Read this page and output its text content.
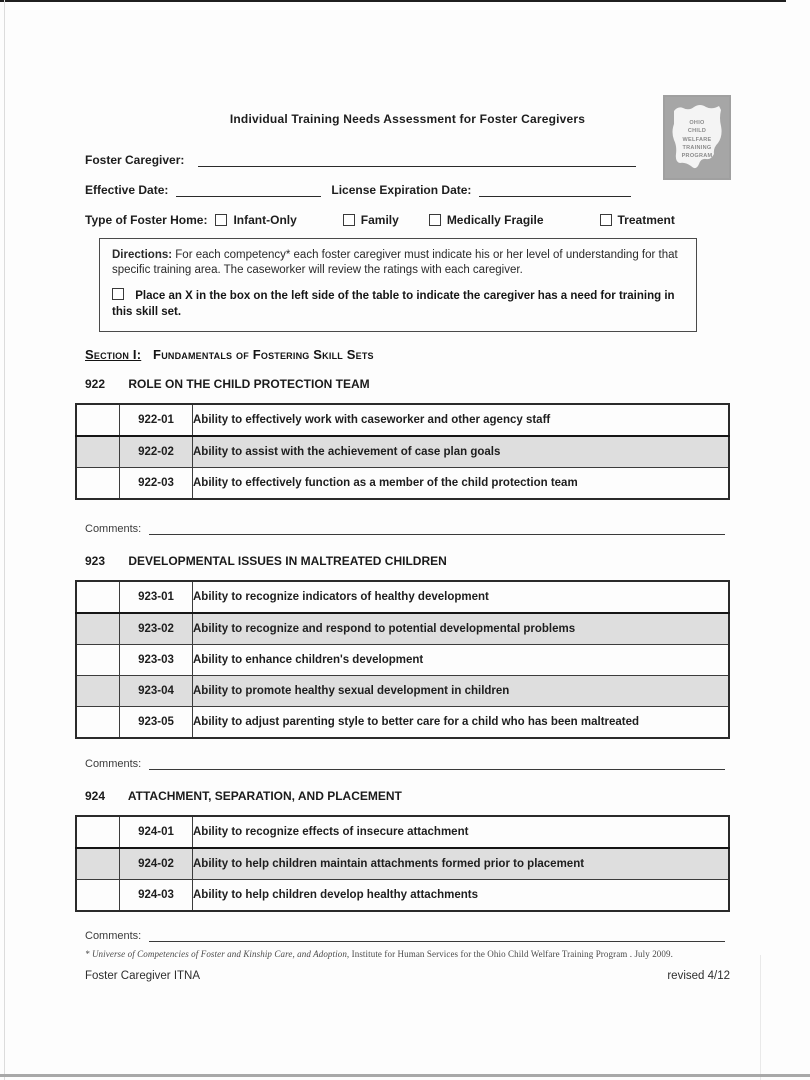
OHIO
CHILD
WELFARE
TRAINING
PROGRAM
Individual Training Needs Assessment for Foster Caregivers
Foster Caregiver:
Effective Date:	License Expiration Date:
Type of Foster Home: Infant-Only	Family	Medically Fragile	Treatment
Directions: For each competency* each foster caregiver must indicate his or her level of understanding for that specific training area. The caseworker will review the ratings with each caregiver.
Place an X in the box on the left side of the table to indicate the caregiver has a need for training in this skill set.
Section I: Fundamentals of Fostering Skill Sets
922 ROLE ON THE CHILD PROTECTION TEAM
	922-01	Ability to effectively work with caseworker and other agency staff
	922-02	Ability to assist with the achievement of case plan goals
	922-03	Ability to effectively function as a member of the child protection team
Comments:
923 DEVELOPMENTAL ISSUES IN MALTREATED CHILDREN
	923-01	Ability to recognize indicators of healthy development
	923-02	Ability to recognize and respond to potential developmental problems
	923-03	Ability to enhance children's development
	923-04	Ability to promote healthy sexual development in children
	923-05	Ability to adjust parenting style to better care for a child who has been maltreated
Comments:
924 ATTACHMENT, SEPARATION, AND PLACEMENT
	924-01	Ability to recognize effects of insecure attachment
	924-02	Ability to help children maintain attachments formed prior to placement
	924-03	Ability to help children develop healthy attachments
Comments:
* Universe of Competencies of Foster and Kinship Care, and Adoption, Institute for Human Services for the Ohio Child Welfare Training Program . July 2009.
Foster Caregiver ITNA	revised 4/12
